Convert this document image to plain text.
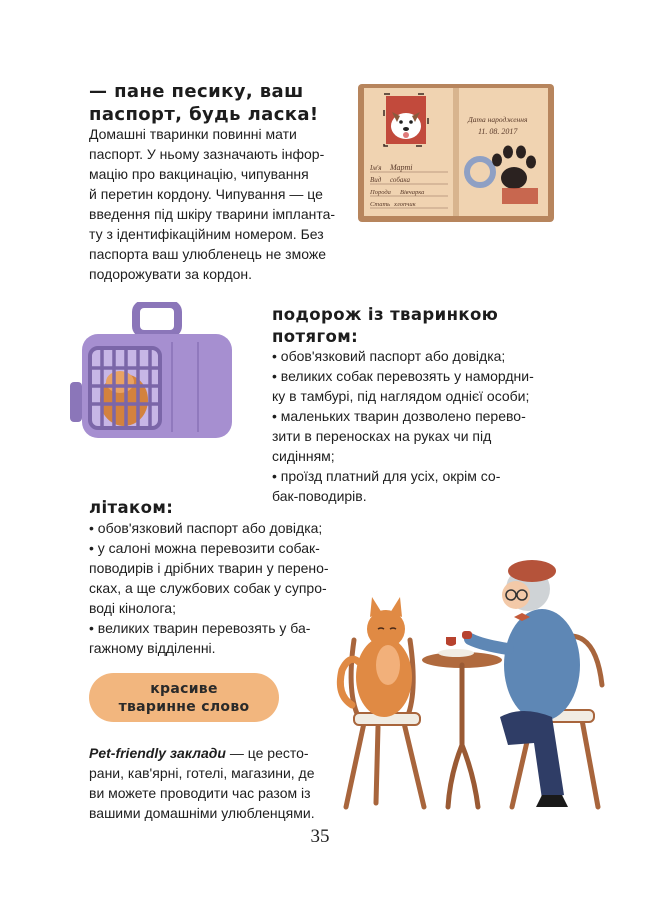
— пане песику, ваш
паспорт, будь ласка!
Домашні тваринки повинні мати
паспорт. У ньому зазначають інфор-
мацію про вакцинацію, чипування
й перетин кордону. Чипування — це
введення під шкіру тварини імпланта-
ту з ідентифікаційним номером. Без
паспорта ваш улюбленець не зможе
подорожувати за кордон.
Ім'я Марті
Вид собака
Порода Вівчарка
Стать хлопчик
Дата народження
11. 08. 2017
подорож із тваринкою
потягом:
• обов'язковий паспорт або довідка;
• великих собак перевозять у намордни-
ку в тамбурі, під наглядом однієї особи;
• маленьких тварин дозволено перево-
зити в переносках на руках чи під
сидінням;
• проїзд платний для усіх, окрім со-
бак-поводирів.
літаком:
• обов'язковий паспорт або довідка;
• у салоні можна перевозити собак-
поводирів і дрібних тварин у перено-
сках, а ще службових собак у супро-
воді кінолога;
• великих тварин перевозять у ба-
гажному відділенні.
красиве
тваринне слово
Pet-friendly заклади — це ресто-
рани, кав'ярні, готелі, магазини, де
ви можете проводити час разом із
вашими домашніми улюбленцями.
35
